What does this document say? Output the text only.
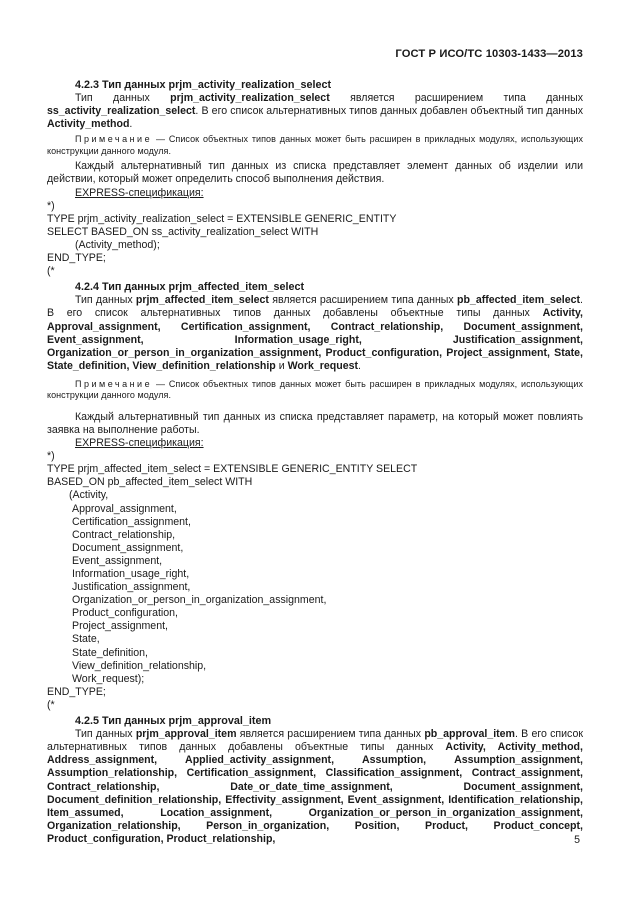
ГОСТ Р ИСО/ТС 10303-1433—2013

4.2.3 Тип данных prjm_activity_realization_select

Тип данных prjm_activity_realization_select является расширением типа данных ss_activity_realization_select. В его список альтернативных типов данных добавлен объектный тип данных Activity_method.

Примечание — Список объектных типов данных может быть расширен в прикладных модулях, использующих конструкции данного модуля.

Каждый альтернативный тип данных из списка представляет элемент данных об изделии или действии, который может определить способ выполнения действия.

EXPRESS-спецификация:

*)

TYPE prjm_activity_realization_select = EXTENSIBLE GENERIC_ENTITY

SELECT BASED_ON ss_activity_realization_select WITH

(Activity_method);

END_TYPE;

(*

4.2.4 Тип данных prjm_affected_item_select

Тип данных prjm_affected_item_select является расширением типа данных pb_affected_item_select. В его список альтернативных типов данных добавлены объектные типы данных Activity, Approval_assignment, Certification_assignment, Contract_relationship, Document_assignment, Event_assignment, Information_usage_right, Justification_assignment, Organization_or_person_in_organization_assignment, Product_configuration, Project_assignment, State, State_definition, View_definition_relationship и Work_request.

Примечание — Список объектных типов данных может быть расширен в прикладных модулях, использующих конструкции данного модуля.

Каждый альтернативный тип данных из списка представляет параметр, на который может повлиять заявка на выполнение работы.

EXPRESS-спецификация:

*)

TYPE prjm_affected_item_select = EXTENSIBLE GENERIC_ENTITY SELECT

BASED_ON pb_affected_item_select WITH

(Activity,

Approval_assignment,

Certification_assignment,

Contract_relationship,

Document_assignment,

Event_assignment,

Information_usage_right,

Justification_assignment,

Organization_or_person_in_organization_assignment,

Product_configuration,

Project_assignment,

State,

State_definition,

View_definition_relationship,

Work_request);

END_TYPE;

(*

4.2.5 Тип данных prjm_approval_item

Тип данных prjm_approval_item является расширением типа данных pb_approval_item. В его список альтернативных типов данных добавлены объектные типы данных Activity, Activity_method, Address_assignment, Applied_activity_assignment, Assumption, Assumption_assignment, Assumption_relationship, Certification_assignment, Classification_assignment, Contract_assignment, Contract_relationship, Date_or_date_time_assignment, Document_assignment, Document_definition_relationship, Effectivity_assignment, Event_assignment, Identification_relationship, Item_assumed, Location_assignment, Organization_or_person_in_organization_assignment, Organization_relationship, Person_in_organization, Position, Product, Product_concept, Product_configuration, Product_relationship,	5
